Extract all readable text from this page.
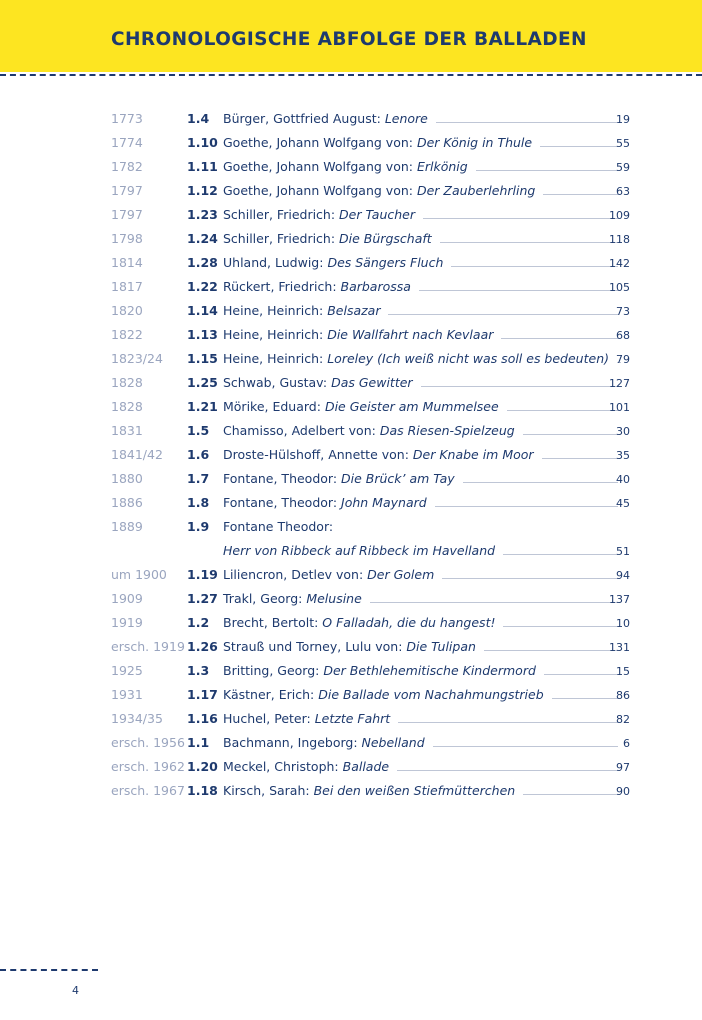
CHRONOLOGISCHE ABFOLGE DER BALLADEN
1773	1.4 Bürger, Gottfried August: Lenore	19
1774	1.10 Goethe, Johann Wolfgang von: Der König in Thule	55
1782	1.11 Goethe, Johann Wolfgang von: Erlkönig	59
1797	1.12 Goethe, Johann Wolfgang von: Der Zauberlehrling	63
1797	1.23 Schiller, Friedrich: Der Taucher	109
1798	1.24 Schiller, Friedrich: Die Bürgschaft	118
1814	1.28 Uhland, Ludwig: Des Sängers Fluch	142
1817	1.22 Rückert, Friedrich: Barbarossa	105
1820	1.14 Heine, Heinrich: Belsazar	73
1822	1.13 Heine, Heinrich: Die Wallfahrt nach Kevlaar	68
1823/24 1.15 Heine, Heinrich: Loreley (Ich weiß nicht was soll es bedeuten) 79
1828	1.25 Schwab, Gustav: Das Gewitter	127
1828	1.21 Mörike, Eduard: Die Geister am Mummelsee	101
1831	1.5 Chamisso, Adelbert von: Das Riesen-Spielzeug	30
1841/42 1.6 Droste-Hülshoff, Annette von: Der Knabe im Moor	35
1880	1.7 Fontane, Theodor: Die Brück’ am Tay	40
1886	1.8 Fontane, Theodor: John Maynard	45
1889	1.9 Fontane Theodor:
Herr von Ribbeck auf Ribbeck im Havelland	51
um 1900 1.19 Liliencron, Detlev von: Der Golem	94
1909	1.27 Trakl, Georg: Melusine	137
1919	1.2 Brecht, Bertolt: O Falladah, die du hangest!	10
ersch. 1919 1.26 Strauß und Torney, Lulu von: Die Tulipan	131
1925	1.3 Britting, Georg: Der Bethlehemitische Kindermord	15
1931	1.17 Kästner, Erich: Die Ballade vom Nachahmungstrieb	86
1934/35 1.16 Huchel, Peter: Letzte Fahrt	82
ersch. 1956 1.1 Bachmann, Ingeborg: Nebelland	6
ersch. 1962 1.20 Meckel, Christoph: Ballade	97
ersch. 1967 1.18 Kirsch, Sarah: Bei den weißen Stiefmütterchen	90
4
